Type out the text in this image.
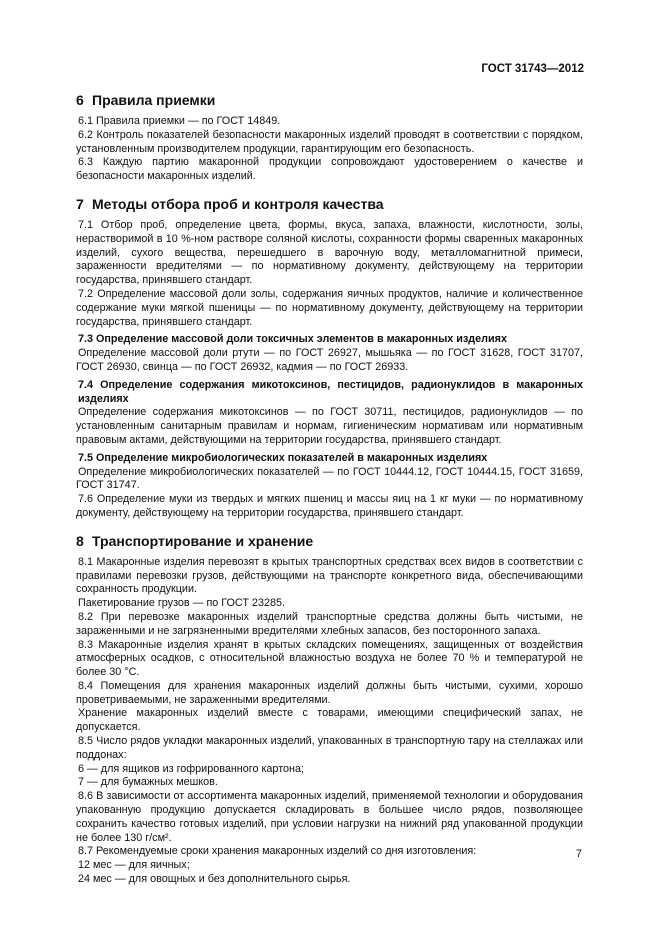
ГОСТ 31743—2012
6 Правила приемки

6.1 Правила приемки — по ГОСТ 14849.

6.2 Контроль показателей безопасности макаронных изделий проводят в соответствии с порядком, установленным производителем продукции, гарантирующим его безопасность.

6.3 Каждую партию макаронной продукции сопровождают удостоверением о качестве и безопасности макаронных изделий.

7 Методы отбора проб и контроля качества

7.1 Отбор проб, определение цвета, формы, вкуса, запаха, влажности, кислотности, золы, нерастворимой в 10 %-ном растворе соляной кислоты, сохранности формы сваренных макаронных изделий, сухого вещества, перешедшего в варочную воду, металломагнитной примеси, зараженности вредителями — по нормативному документу, действующему на территории государства, принявшего стандарт.

7.2 Определение массовой доли золы, содержания яичных продуктов, наличие и количественное содержание муки мягкой пшеницы — по нормативному документу, действующему на территории государства, принявшего стандарт.

7.3 Определение массовой доли токсичных элементов в макаронных изделиях

Определение массовой доли ртути — по ГОСТ 26927, мышьяка — по ГОСТ 31628, ГОСТ 31707, ГОСТ 26930, свинца — по ГОСТ 26932, кадмия — по ГОСТ 26933.

7.4 Определение содержания микотоксинов, пестицидов, радионуклидов в макаронных изделиях

Определение содержания микотоксинов — по ГОСТ 30711, пестицидов, радионуклидов — по установленным санитарным правилам и нормам, гигиеническим нормативам или нормативным правовым актами, действующими на территории государства, принявшего стандарт.

7.5 Определение микробиологических показателей в макаронных изделиях

Определение микробиологических показателей — по ГОСТ 10444.12, ГОСТ 10444.15, ГОСТ 31659, ГОСТ 31747.

7.6 Определение муки из твердых и мягких пшениц и массы яиц на 1 кг муки — по нормативному документу, действующему на территории государства, принявшего стандарт.

8 Транспортирование и хранение

8.1 Макаронные изделия перевозят в крытых транспортных средствах всех видов в соответствии с правилами перевозки грузов, действующими на транспорте конкретного вида, обеспечивающими сохранность продукции.

Пакетирование грузов — по ГОСТ 23285.

8.2 При перевозке макаронных изделий транспортные средства должны быть чистыми, не зараженными и не загрязненными вредителями хлебных запасов, без посторонного запаха.

8.3 Макаронные изделия хранят в крытых складских помещениях, защищенных от воздействия атмосферных осадков, с относительной влажностью воздуха не более 70 % и температурой не более 30 °С.

8.4 Помещения для хранения макаронных изделий должны быть чистыми, сухими, хорошо проветриваемыми, не зараженными вредителями.

Хранение макаронных изделий вместе с товарами, имеющими специфический запах, не допускается.

8.5 Число рядов укладки макаронных изделий, упакованных в транспортную тару на стеллажах или поддонах:

6 — для ящиков из гофрированного картона;

7 — для бумажных мешков.

8.6 В зависимости от ассортимента макаронных изделий, применяемой технологии и оборудования упакованную продукцию допускается складировать в большее число рядов, позволяющее сохранить качество готовых изделий, при условии нагрузки на нижний ряд упакованной продукции не более 130 г/см².

8.7 Рекомендуемые сроки хранения макаронных изделий со дня изготовления:

12 мес — для яичных;

24 мес — для овощных и без дополнительного сырья.

7
